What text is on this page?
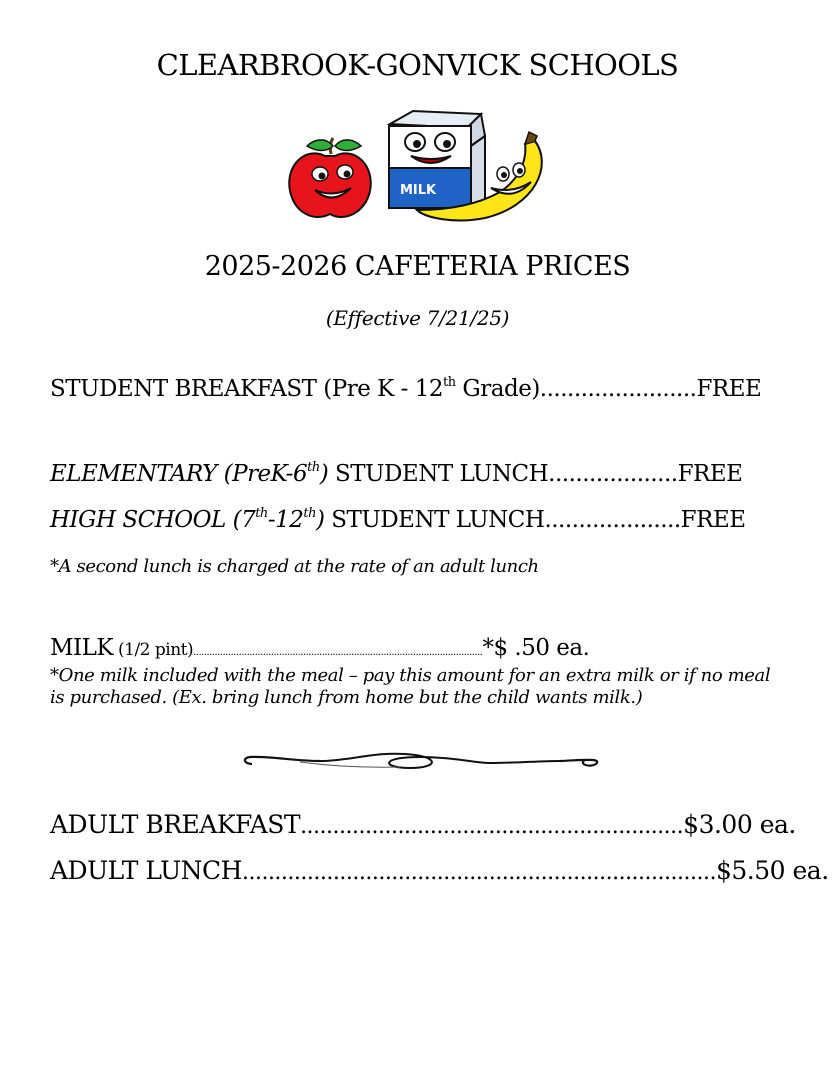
CLEARBROOK-GONVICK SCHOOLS
MILK
2025-2026 CAFETERIA PRICES
(Effective 7/21/25)
STUDENT BREAKFAST (Pre K - 12th Grade).......................FREE
ELEMENTARY (PreK-6th) STUDENT LUNCH...................FREE
HIGH SCHOOL (7th-12th) STUDENT LUNCH....................FREE
*A second lunch is charged at the rate of an adult lunch
MILK (1/2 pint)............................................................................................................*$ .50 ea.
*One milk included with the meal – pay this amount for an extra milk or if no meal
is purchased. (Ex. bring lunch from home but the child wants milk.)
ADULT BREAKFAST...........................................................$3.00 ea.
ADULT LUNCH.........................................................................$5.50 ea.
